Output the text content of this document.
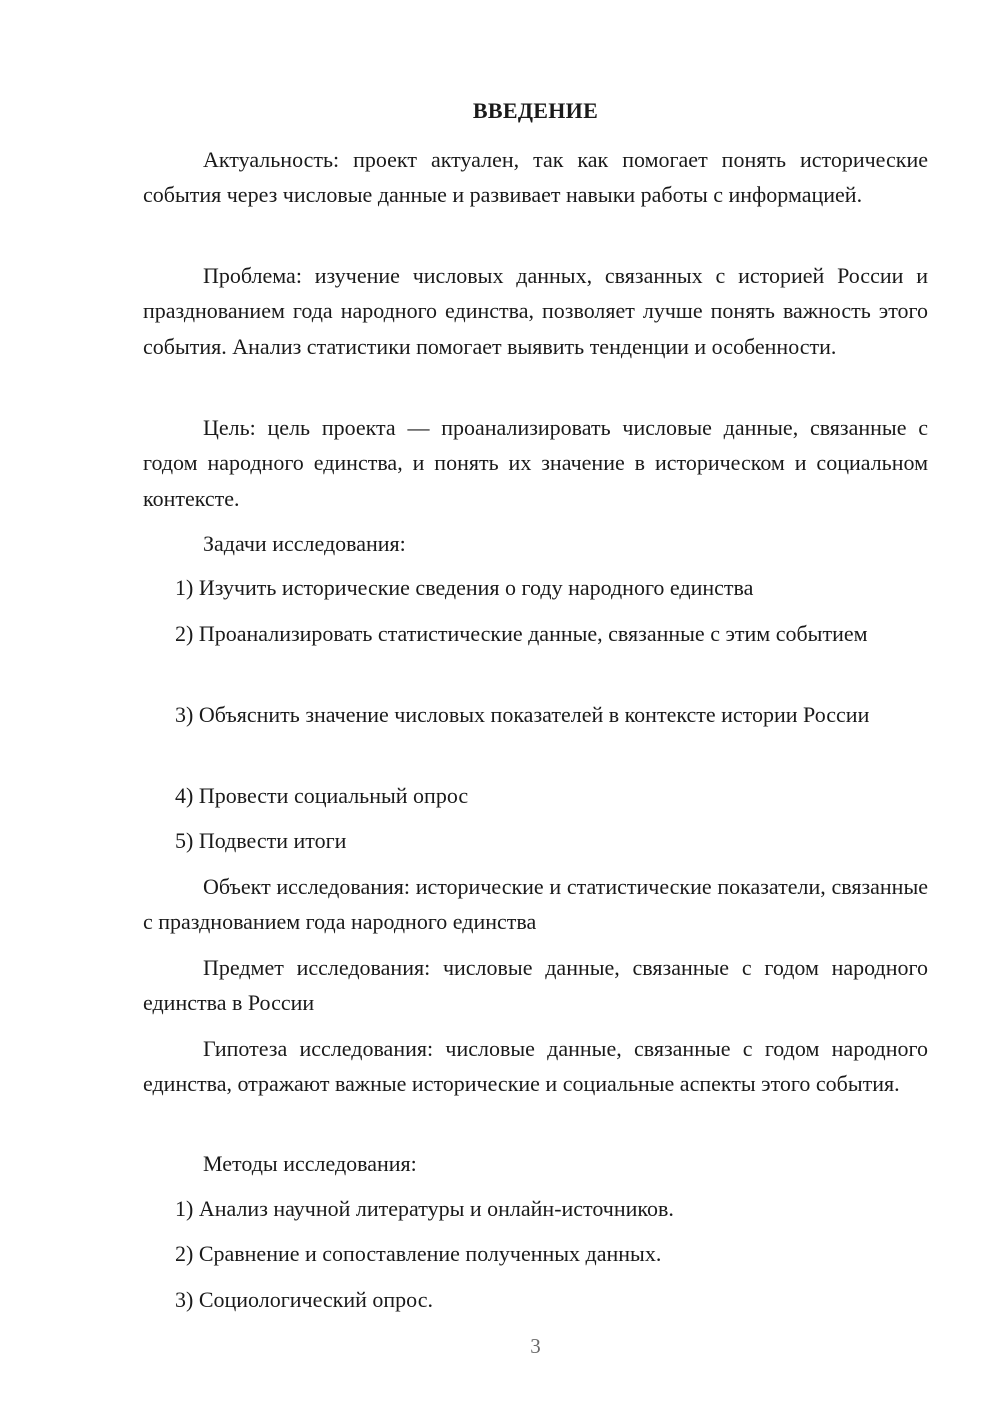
ВВЕДЕНИЕ

Актуальность: проект актуален, так как помогает понять исторические события через числовые данные и развивает навыки работы с информацией.

Проблема: изучение числовых данных, связанных с историей России и празднованием года народного единства, позволяет лучше понять важность этого события. Анализ статистики помогает выявить тенденции и особенности.

Цель: цель проекта — проанализировать числовые данные, связанные с годом народного единства, и понять их значение в историческом и социальном контексте.

Задачи исследования:

1) Изучить исторические сведения о году народного единства

2) Проанализировать статистические данные, связанные с этим событием

3) Объяснить значение числовых показателей в контексте истории России

4) Провести социальный опрос

5) Подвести итоги

Объект исследования: исторические и статистические показатели, связанные с празднованием года народного единства

Предмет исследования: числовые данные, связанные с годом народного единства в России

Гипотеза исследования: числовые данные, связанные с годом народного единства, отражают важные исторические и социальные аспекты этого события.

Методы исследования:

1) Анализ научной литературы и онлайн-источников.

2) Сравнение и сопоставление полученных данных.

3) Социологический опрос.

3
